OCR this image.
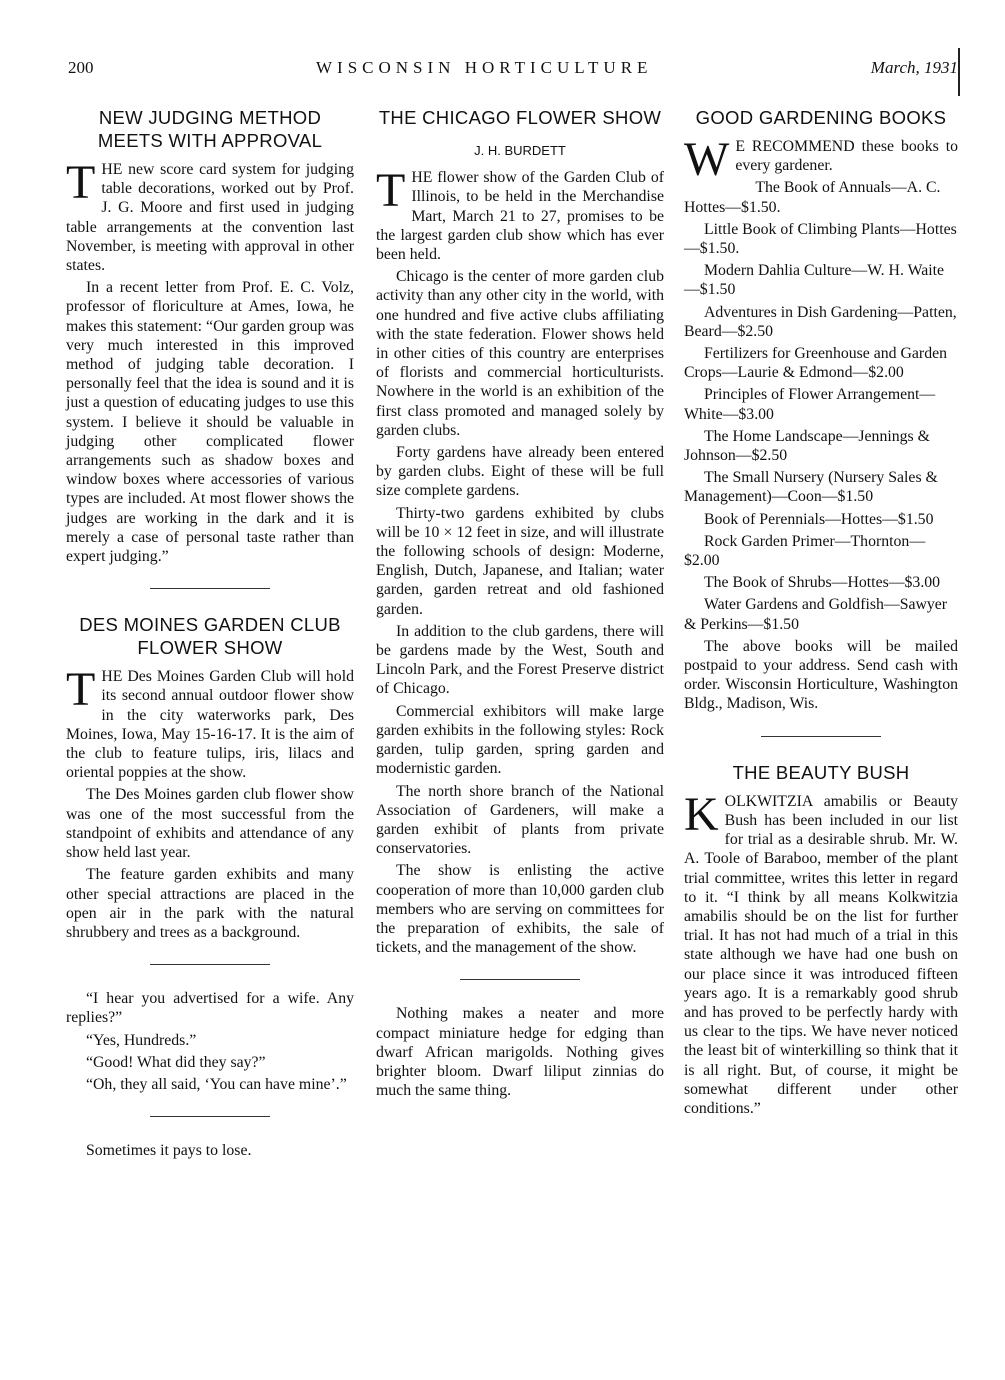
200	WISCONSIN HORTICULTURE	March, 1931
NEW JUDGING METHOD MEETS WITH APPROVAL

THE new score card system for judging table decorations, worked out by Prof. J. G. Moore and first used in judging table arrangements at the convention last November, is meeting with approval in other states.

In a recent letter from Prof. E. C. Volz, professor of floriculture at Ames, Iowa, he makes this statement: “Our garden group was very much interested in this improved method of judging table decoration. I personally feel that the idea is sound and it is just a question of educating judges to use this system. I believe it should be valuable in judging other complicated flower arrangements such as shadow boxes and window boxes where accessories of various types are included. At most flower shows the judges are working in the dark and it is merely a case of personal taste rather than expert judging.”

DES MOINES GARDEN CLUB FLOWER SHOW

THE Des Moines Garden Club will hold its second annual outdoor flower show in the city waterworks park, Des Moines, Iowa, May 15-16-17. It is the aim of the club to feature tulips, iris, lilacs and oriental poppies at the show.

The Des Moines garden club flower show was one of the most successful from the standpoint of exhibits and attendance of any show held last year.

The feature garden exhibits and many other special attractions are placed in the open air in the park with the natural shrubbery and trees as a background.

“I hear you advertised for a wife. Any replies?”

“Yes, Hundreds.”

“Good! What did they say?”

“Oh, they all said, ‘You can have mine’.”

Sometimes it pays to lose.

THE CHICAGO FLOWER SHOW
J. H. BURDETT

THE flower show of the Garden Club of Illinois, to be held in the Merchandise Mart, March 21 to 27, promises to be the largest garden club show which has ever been held.

Chicago is the center of more garden club activity than any other city in the world, with one hundred and five active clubs affiliating with the state federation. Flower shows held in other cities of this country are enterprises of florists and commercial horticulturists. Nowhere in the world is an exhibition of the first class promoted and managed solely by garden clubs.

Forty gardens have already been entered by garden clubs. Eight of these will be full size complete gardens.

Thirty-two gardens exhibited by clubs will be 10 × 12 feet in size, and will illustrate the following schools of design: Moderne, English, Dutch, Japanese, and Italian; water garden, garden retreat and old fashioned garden.

In addition to the club gardens, there will be gardens made by the West, South and Lincoln Park, and the Forest Preserve district of Chicago.

Commercial exhibitors will make large garden exhibits in the following styles: Rock garden, tulip garden, spring garden and modernistic garden.

The north shore branch of the National Association of Gardeners, will make a garden exhibit of plants from private conservatories.

The show is enlisting the active cooperation of more than 10,000 garden club members who are serving on committees for the preparation of exhibits, the sale of tickets, and the management of the show.

Nothing makes a neater and more compact miniature hedge for edging than dwarf African marigolds. Nothing gives brighter bloom. Dwarf liliput zinnias do much the same thing.

GOOD GARDENING BOOKS

W E RECOMMEND these books to every gardener.

The Book of Annuals—A. C. Hottes—$1.50.

Little Book of Climbing Plants—Hottes—$1.50.

Modern Dahlia Culture—W. H. Waite—$1.50

Adventures in Dish Gardening—Patten, Beard—$2.50

Fertilizers for Greenhouse and Garden Crops—Laurie & Edmond—$2.00

Principles of Flower Arrangement—White—$3.00

The Home Landscape—Jennings & Johnson—$2.50

The Small Nursery (Nursery Sales & Management)—Coon—$1.50

Book of Perennials—Hottes—$1.50

Rock Garden Primer—Thornton—$2.00

The Book of Shrubs—Hottes—$3.00

Water Gardens and Goldfish—Sawyer & Perkins—$1.50

The above books will be mailed postpaid to your address. Send cash with order. Wisconsin Horticulture, Washington Bldg., Madison, Wis.

THE BEAUTY BUSH

KOLKWITZIA amabilis or Beauty Bush has been included in our list for trial as a desirable shrub. Mr. W. A. Toole of Baraboo, member of the plant trial committee, writes this letter in regard to it. “I think by all means Kolkwitzia amabilis should be on the list for further trial. It has not had much of a trial in this state although we have had one bush on our place since it was introduced fifteen years ago. It is a remarkably good shrub and has proved to be perfectly hardy with us clear to the tips. We have never noticed the least bit of winterkilling so think that it is all right. But, of course, it might be somewhat different under other conditions.”
